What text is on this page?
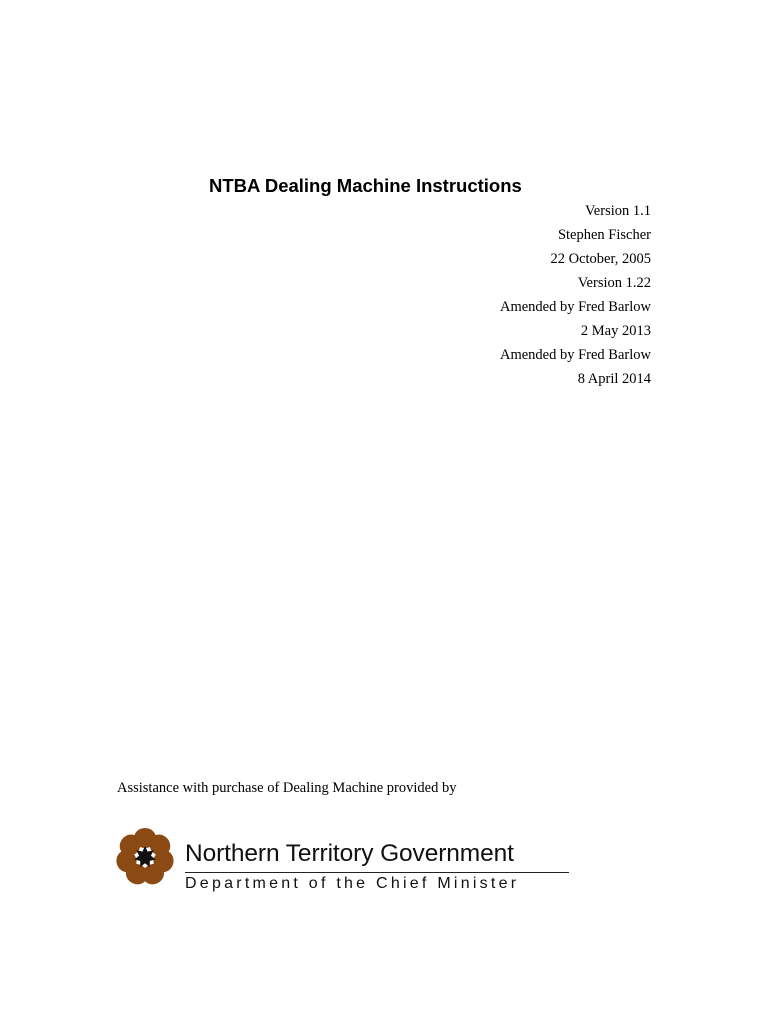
NTBA Dealing Machine Instructions
Version 1.1
Stephen Fischer
22 October, 2005
Version 1.22
Amended by Fred Barlow
2 May 2013
Amended by Fred Barlow
8 April 2014
Assistance with purchase of Dealing Machine provided by
Northern Territory Government
Department of the Chief Minister
